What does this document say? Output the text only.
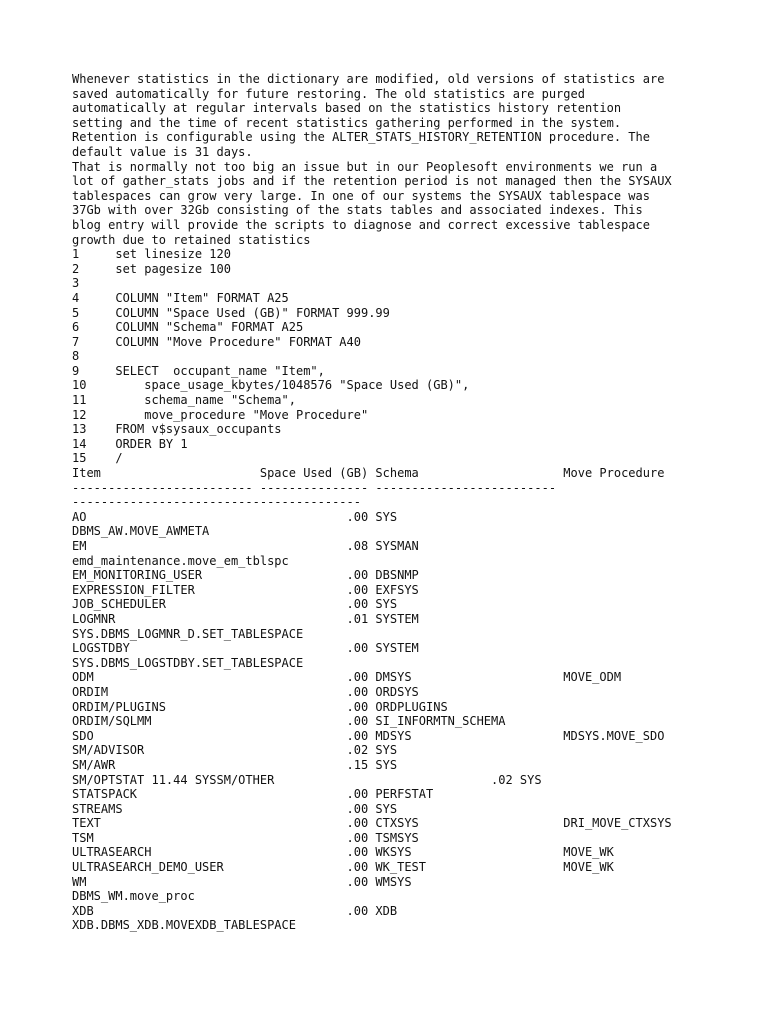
Whenever statistics in the dictionary are modified, old versions of statistics are
saved automatically for future restoring. The old statistics are purged
automatically at regular intervals based on the statistics history retention
setting and the time of recent statistics gathering performed in the system.
Retention is configurable using the ALTER_STATS_HISTORY_RETENTION procedure. The
default value is 31 days.
That is normally not too big an issue but in our Peoplesoft environments we run a
lot of gather_stats jobs and if the retention period is not managed then the SYSAUX
tablespaces can grow very large. In one of our systems the SYSAUX tablespace was
37Gb with over 32Gb consisting of the stats tables and associated indexes. This
blog entry will provide the scripts to diagnose and correct excessive tablespace
growth due to retained statistics
1     set linesize 120
2     set pagesize 100
3
4     COLUMN "Item" FORMAT A25
5     COLUMN "Space Used (GB)" FORMAT 999.99
6     COLUMN "Schema" FORMAT A25
7     COLUMN "Move Procedure" FORMAT A40
8
9     SELECT  occupant_name "Item",
10        space_usage_kbytes/1048576 "Space Used (GB)",
11        schema_name "Schema",
12        move_procedure "Move Procedure"
13    FROM v$sysaux_occupants
14    ORDER BY 1
15    /
Item                      Space Used (GB) Schema                    Move Procedure
------------------------- --------------- -------------------------
----------------------------------------
AO                                    .00 SYS
DBMS_AW.MOVE_AWMETA
EM                                    .08 SYSMAN
emd_maintenance.move_em_tblspc
EM_MONITORING_USER                    .00 DBSNMP
EXPRESSION_FILTER                     .00 EXFSYS
JOB_SCHEDULER                         .00 SYS
LOGMNR                                .01 SYSTEM
SYS.DBMS_LOGMNR_D.SET_TABLESPACE
LOGSTDBY                              .00 SYSTEM
SYS.DBMS_LOGSTDBY.SET_TABLESPACE
ODM                                   .00 DMSYS                     MOVE_ODM
ORDIM                                 .00 ORDSYS
ORDIM/PLUGINS                         .00 ORDPLUGINS
ORDIM/SQLMM                           .00 SI_INFORMTN_SCHEMA
SDO                                   .00 MDSYS                     MDSYS.MOVE_SDO
SM/ADVISOR                            .02 SYS
SM/AWR                                .15 SYS
SM/OPTSTAT 11.44 SYSSM/OTHER                              .02 SYS
STATSPACK                             .00 PERFSTAT
STREAMS                               .00 SYS
TEXT                                  .00 CTXSYS                    DRI_MOVE_CTXSYS
TSM                                   .00 TSMSYS
ULTRASEARCH                           .00 WKSYS                     MOVE_WK
ULTRASEARCH_DEMO_USER                 .00 WK_TEST                   MOVE_WK
WM                                    .00 WMSYS
DBMS_WM.move_proc
XDB                                   .00 XDB
XDB.DBMS_XDB.MOVEXDB_TABLESPACE
